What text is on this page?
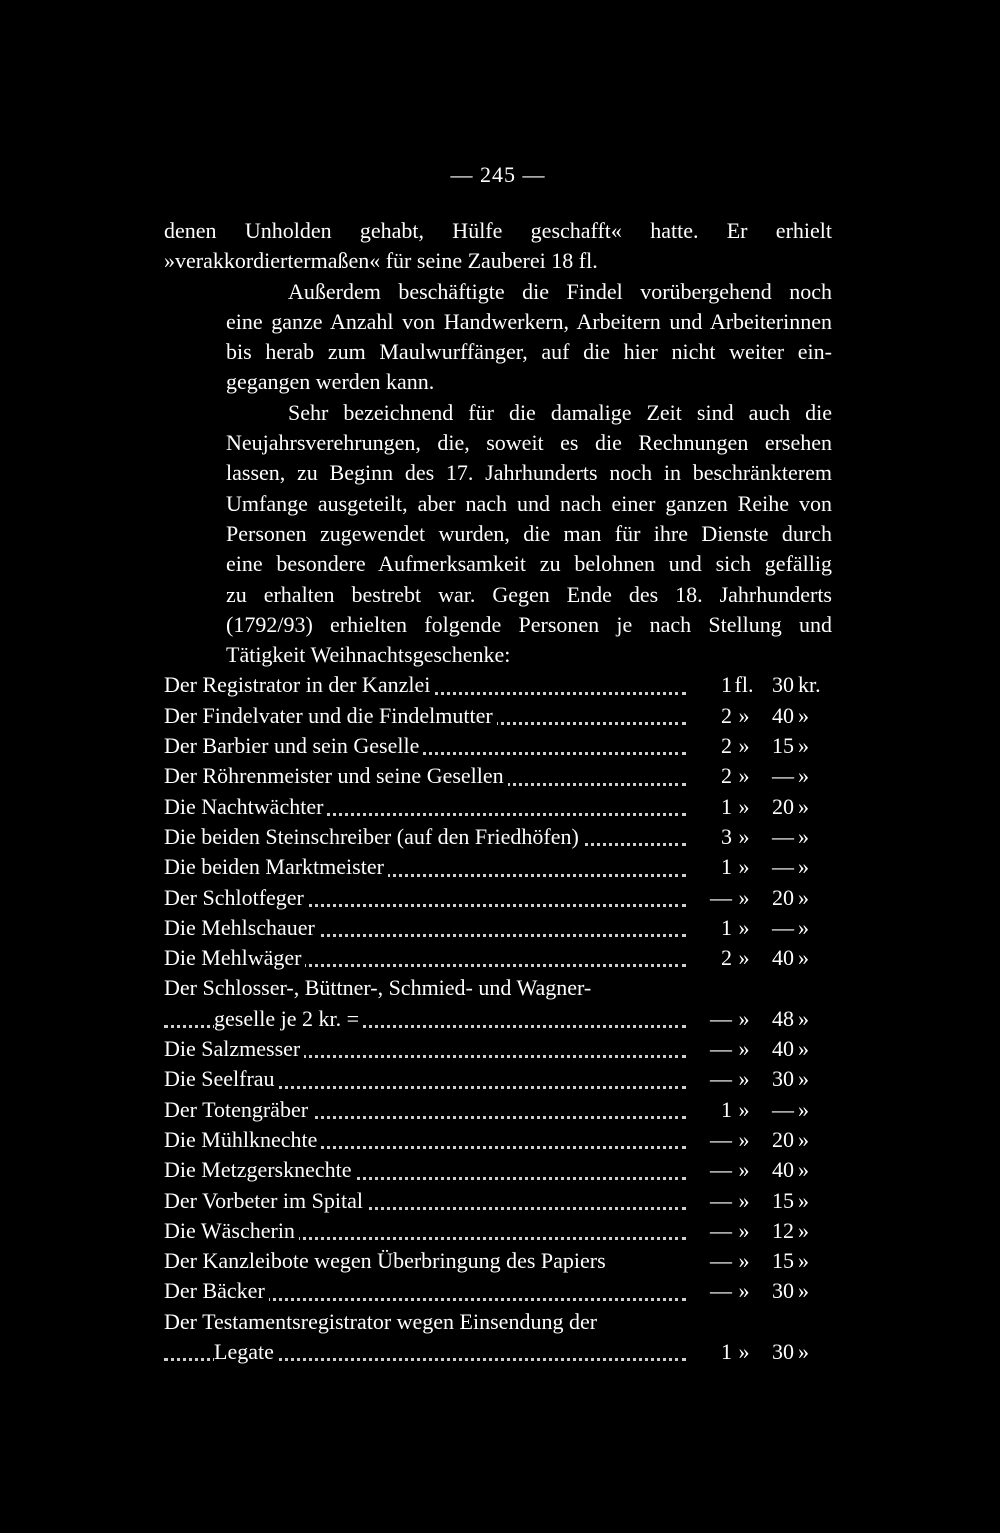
— 245 —
denen Unholden gehabt, Hülfe geschafft« hatte. Er erhielt
»verakkordiertermaßen« für seine Zauberei 18 fl.
Außerdem beschäftigte die Findel vorübergehend noch
eine ganze Anzahl von Handwerkern, Arbeitern und Arbeiterinnen
bis herab zum Maulwurffänger, auf die hier nicht weiter ein-
gegangen werden kann.
Sehr bezeichnend für die damalige Zeit sind auch die
Neujahrsverehrungen, die, soweit es die Rechnungen ersehen
lassen, zu Beginn des 17. Jahrhunderts noch in beschränkterem
Umfange ausgeteilt, aber nach und nach einer ganzen Reihe von
Personen zugewendet wurden, die man für ihre Dienste durch
eine besondere Aufmerksamkeit zu belohnen und sich gefällig
zu erhalten bestrebt war. Gegen Ende des 18. Jahrhunderts
(1792/93) erhielten folgende Personen je nach Stellung und
Tätigkeit Weihnachtsgeschenke:
Der Registrator in der Kanzlei	1 fl. 30 kr.
Der Findelvater und die Findelmutter	2 »	40 »
Der Barbier und sein Geselle	2 »	15 »
Der Röhrenmeister und seine Gesellen	2 »	— »
Die Nachtwächter	1 »	20 »
Die beiden Steinschreiber (auf den Friedhöfen)	3 »	— »
Die beiden Marktmeister	1 »	— »
Der Schlotfeger	— »	20 »
Die Mehlschauer	1 »	— »
Die Mehlwäger	2 »	40 »
Der Schlosser-, Büttner-, Schmied- und Wagner-
gesellе je 2 kr. =	— »	48 »
Die Salzmesser	— »	40 »
Die Seelfrau	— »	30 »
Der Totengräber	1 »	— »
Die Mühlknechte	— »	20 »
Die Metzgersknechte	— »	40 »
Der Vorbeter im Spital	— »	15 »
Die Wäscherin	— »	12 »
Der Kanzleibote wegen Überbringung des Papiers	— »	15 »
Der Bäcker	— »	30 »
Der Testamentsregistrator wegen Einsendung der
Legate	1 »	30 »
